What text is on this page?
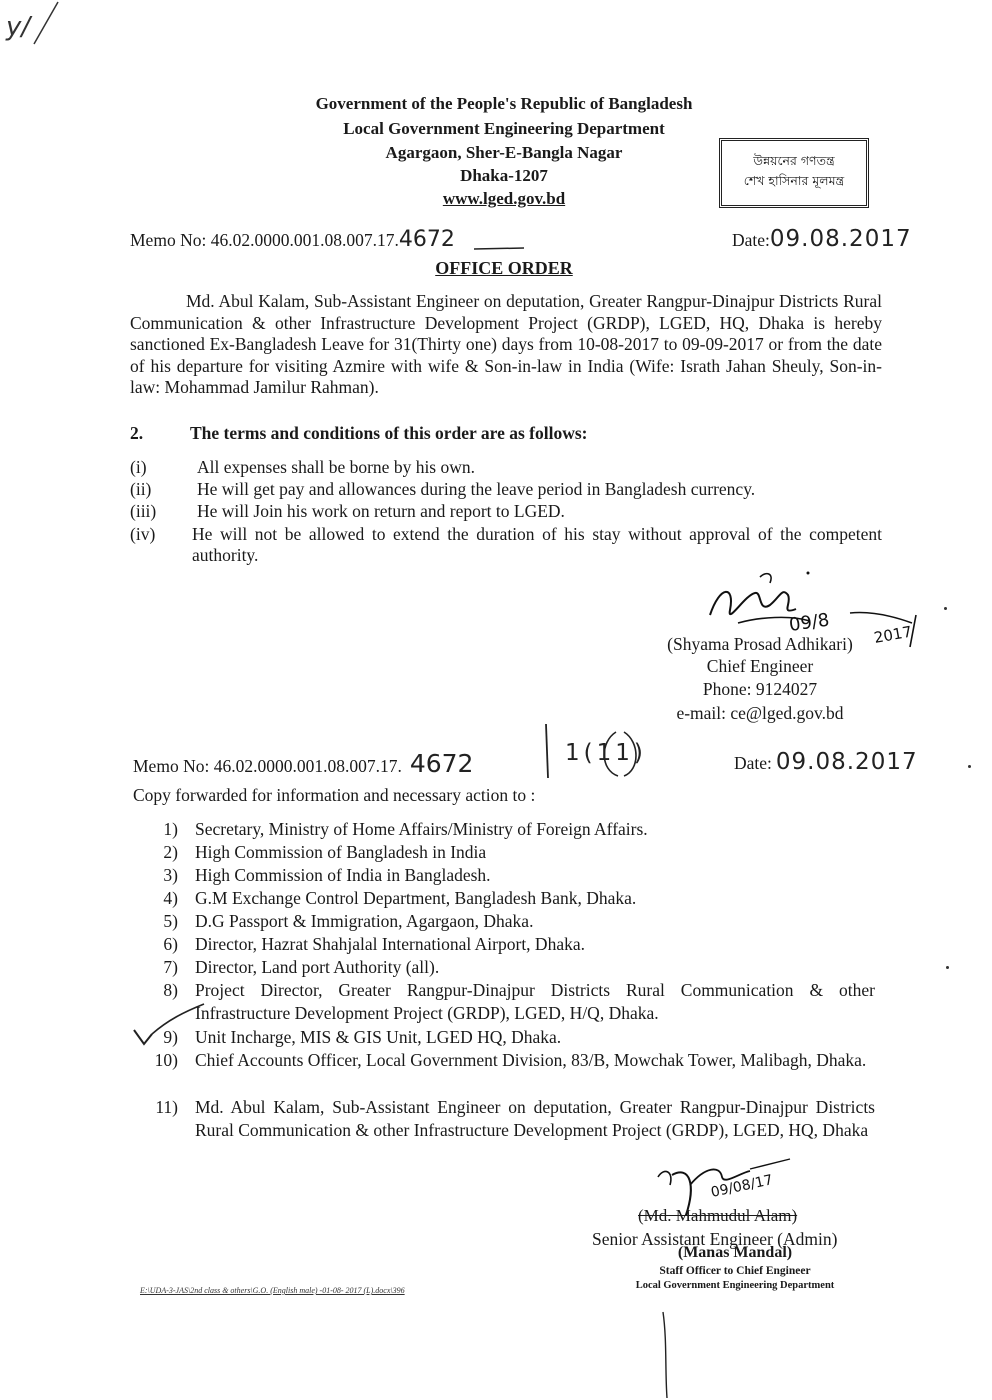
y/
Government of the People's Republic of Bangladesh
Local Government Engineering Department
Agargaon, Sher-E-Bangla Nagar
Dhaka-1207
www.lged.gov.bd
উন্নয়নের গণতন্ত্র
শেখ হাসিনার মূলমন্ত্র
Memo No: 46.02.0000.001.08.007.17.4672	Date:09.08.2017
OFFICE ORDER
Md. Abul Kalam, Sub-Assistant Engineer on deputation, Greater Rangpur-Dinajpur Districts Rural Communication & other Infrastructure Development Project (GRDP), LGED, HQ, Dhaka is hereby sanctioned Ex-Bangladesh Leave for 31(Thirty one) days from 10-08-2017 to 09-09-2017 or from the date of his departure for visiting Azmire with wife & Son-in-law in India (Wife: Israth Jahan Sheuly, Son-in-law: Mohammad Jamilur Rahman).
2.	The terms and conditions of this order are as follows:
(i)	All expenses shall be borne by his own.
(ii)	He will get pay and allowances during the leave period in Bangladesh currency.
(iii) He will Join his work on return and report to LGED.
(iv) He will not be allowed to extend the duration of his stay without approval of the competent authority.
09/8	2017
(Shyama Prosad Adhikari)
Chief Engineer
Phone: 9124027
e-mail: ce@lged.gov.bd
Memo No: 46.02.0000.001.08.007.17. 4672	1(11)	Date: 09.08.2017
Copy forwarded for information and necessary action to :
1) Secretary, Ministry of Home Affairs/Ministry of Foreign Affairs.
2) High Commission of Bangladesh in India
3) High Commission of India in Bangladesh.
4) G.M Exchange Control Department, Bangladesh Bank, Dhaka.
5) D.G Passport & Immigration, Agargaon, Dhaka.
6) Director, Hazrat Shahjalal International Airport, Dhaka.
7) Director, Land port Authority (all).
8) Project Director, Greater Rangpur-Dinajpur Districts Rural Communication & other Infrastructure Development Project (GRDP), LGED, H/Q, Dhaka.
9) Unit Incharge, MIS & GIS Unit, LGED HQ, Dhaka.
10) Chief Accounts Officer, Local Government Division, 83/B, Mowchak Tower, Malibagh, Dhaka.
11) Md. Abul Kalam, Sub-Assistant Engineer on deputation, Greater Rangpur-Dinajpur Districts Rural Communication & other Infrastructure Development Project (GRDP), LGED, HQ, Dhaka
09/08/17
(Md. Mahmudul Alam)
Senior Assistant Engineer (Admin)
(Manas Mandal)
Staff Officer to Chief Engineer
Local Government Engineering Department
E:\UDA-3-JAS\2nd class & others\G.O. (English male) -01-08- 2017 (L).docx\396
